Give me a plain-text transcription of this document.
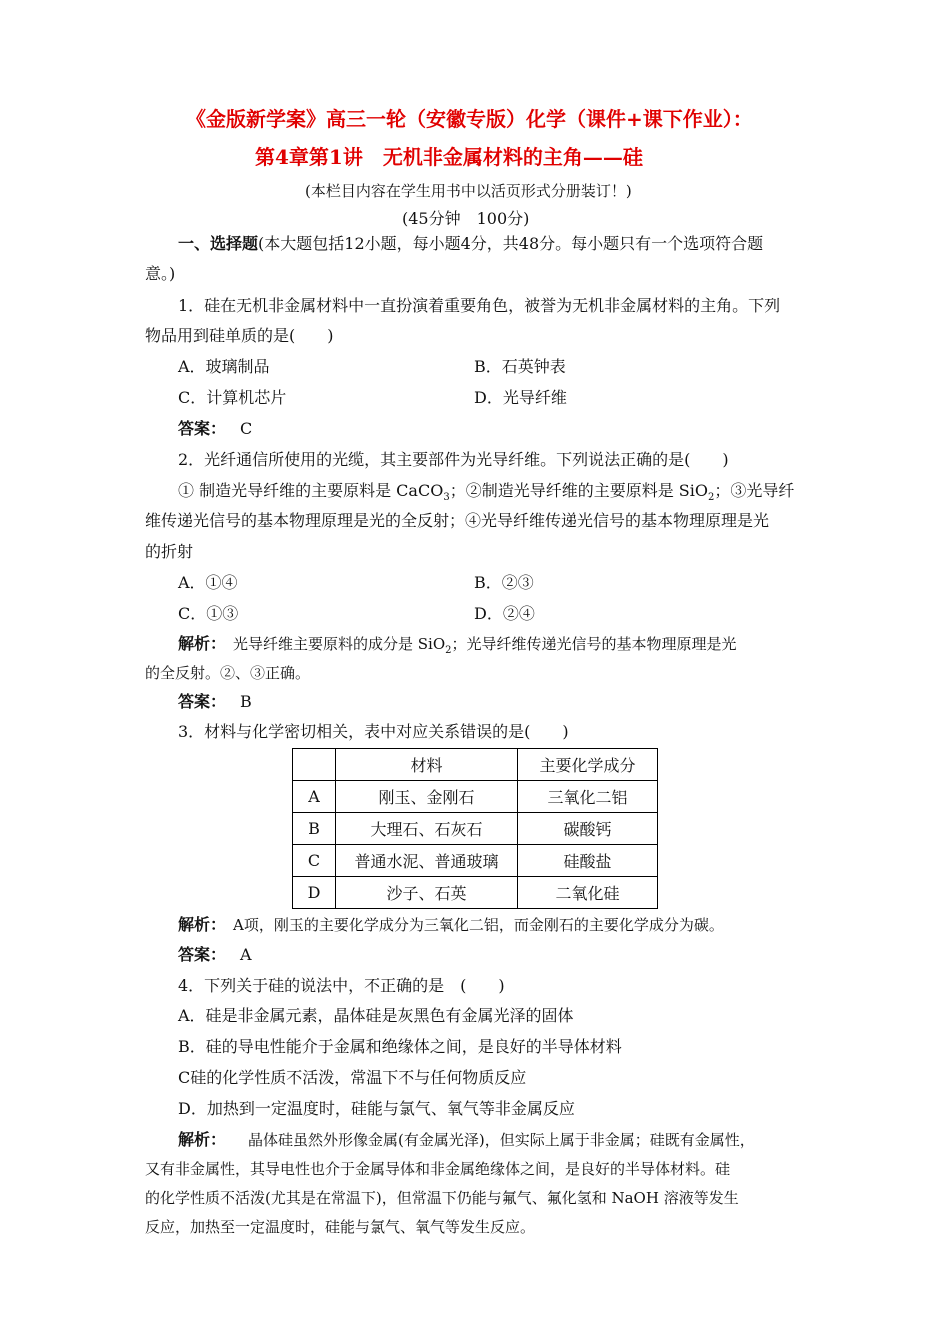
《金版新学案》高三一轮（安徽专版）化学（课件+课下作业）：
第4章第1讲　无机非金属材料的主角——硅
(本栏目内容在学生用书中以活页形式分册装订！)
(45分钟　100分)
一、选择题(本大题包括12小题，每小题4分，共48分。每小题只有一个选项符合题
意。)
1．硅在无机非金属材料中一直扮演着重要角色，被誉为无机非金属材料的主角。下列
物品用到硅单质的是(　　)
A．玻璃制品	B．石英钟表
C．计算机芯片	D．光导纤维
答案： C
2．光纤通信所使用的光缆，其主要部件为光导纤维。下列说法正确的是(　　)
① 制造光导纤维的主要原料是 CaCO$_3$；②制造光导纤维的主要原料是 SiO$_2$；③光导纤
维传递光信号的基本物理原理是光的全反射；④光导纤维传递光信号的基本物理原理是光
的折射
A．①④	B．②③
C．①③	D．②④
解析：　光导纤维主要原料的成分是 SiO$_2$；光导纤维传递光信号的基本物理原理是光
的全反射。②、③正确。
答案： B
3．材料与化学密切相关，表中对应关系错误的是(　　)
	材料	主要化学成分
A	刚玉、金刚石	三氧化二铝
B	大理石、石灰石	碳酸钙
C	普通水泥、普通玻璃	硅酸盐
D	沙子、石英	二氧化硅
解析：　A项，刚玉的主要化学成分为三氧化二铝，而金刚石的主要化学成分为碳。
答案： A
4．下列关于硅的说法中，不正确的是　(　　)
A．硅是非金属元素，晶体硅是灰黑色有金属光泽的固体
B．硅的导电性能介于金属和绝缘体之间，是良好的半导体材料
C硅的化学性质不活泼，常温下不与任何物质反应
D．加热到一定温度时，硅能与氯气、氧气等非金属反应
解析：　　晶体硅虽然外形像金属(有金属光泽)，但实际上属于非金属；硅既有金属性，
又有非金属性，其导电性也介于金属导体和非金属绝缘体之间，是良好的半导体材料。硅
的化学性质不活泼(尤其是在常温下)，但常温下仍能与氟气、氟化氢和 NaOH 溶液等发生
反应，加热至一定温度时，硅能与氯气、氧气等发生反应。
